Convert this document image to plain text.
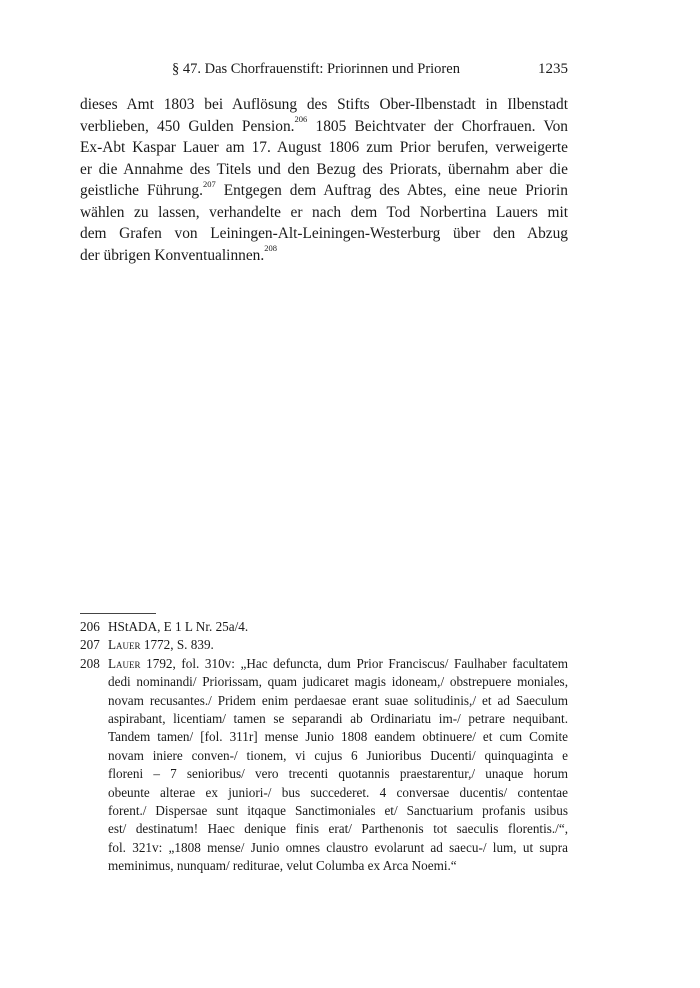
§ 47. Das Chorfrauenstift: Priorinnen und Prioren	1235
dieses Amt 1803 bei Auflösung des Stifts Ober-Ilbenstadt in Ilbenstadt
verblieben, 450 Gulden Pension.$^{206}$ 1805 Beichtvater der Chorfrauen. Von
Ex-Abt Kaspar Lauer am 17. August 1806 zum Prior berufen, verweigerte
er die Annahme des Titels und den Bezug des Priorats, übernahm aber die
geistliche Führung.$^{207}$ Entgegen dem Auftrag des Abtes, eine neue Priorin
wählen zu lassen, verhandelte er nach dem Tod Norbertina Lauers mit
dem Grafen von Leiningen-Alt-Leiningen-Westerburg über den Abzug
der übrigen Konventualinnen.$^{208}$
206 HStADA, E 1 L Nr. 25a/4.
207 Lauer 1772, S. 839.
208 Lauer 1792, fol. 310v: „Hac defuncta, dum Prior Franciscus/ Faulhaber facultatem
dedi nominandi/ Priorissam, quam judicaret magis idoneam,/ obstrepuere moniales,
novam recusantes./ Pridem enim perdaesae erant suae solitudinis,/ et ad Saeculum
aspirabant, licentiam/ tamen se separandi ab Ordinariatu im-/ petrare nequibant.
Tandem tamen/ [fol. 311r] mense Junio 1808 eandem obtinuere/ et cum Comite
novam iniere conven-/ tionem, vi cujus 6 Junioribus Ducenti/ quinquaginta e
floreni – 7 senioribus/ vero trecenti quotannis praestarentur,/ unaque horum
obeunte alterae ex juniori-/ bus succederet. 4 conversae ducentis/ contentae
forent./ Dispersae sunt itqaque Sanctimoniales et/ Sanctuarium profanis usibus
est/ destinatum! Haec denique finis erat/ Parthenonis tot saeculis florentis./“,
fol. 321v: „1808 mense/ Junio omnes claustro evolarunt ad saecu-/ lum, ut supra
meminimus, nunquam/ rediturae, velut Columba ex Arca Noemi.“
